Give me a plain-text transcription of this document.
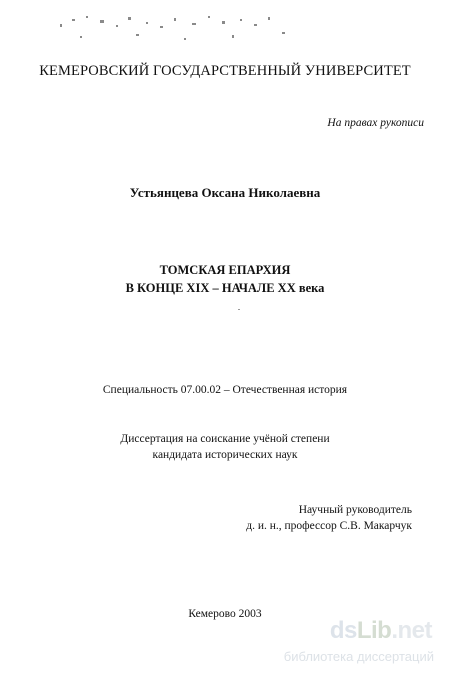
КЕМЕРОВСКИЙ ГОСУДАРСТВЕННЫЙ УНИВЕРСИТЕТ
На правах рукописи
Устьянцева Оксана Николаевна
ТОМСКАЯ ЕПАРХИЯ
В КОНЦЕ XIX – НАЧАЛЕ XX века
Специальность 07.00.02 – Отечественная история
Диссертация на соискание учёной степени
кандидата исторических наук
Научный руководитель
д. и. н., профессор С.В. Макарчук
Кемерово 2003
dsLib.net
библиотека диссертаций
